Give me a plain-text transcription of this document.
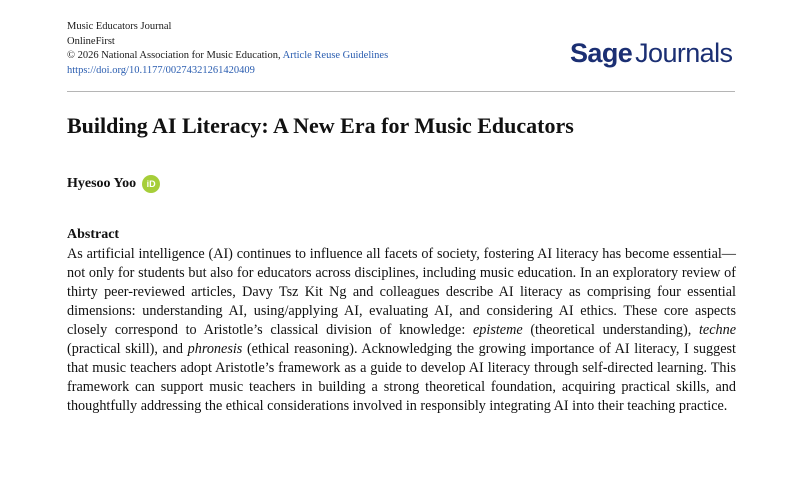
Music Educators Journal
OnlineFirst
© 2026 National Association for Music Education, Article Reuse Guidelines
https://doi.org/10.1177/00274321261420409
Sage Journals
Building AI Literacy: A New Era for Music Educators
Hyesoo Yoo	iD
Abstract
As artificial intelligence (AI) continues to influence all facets of society, fostering AI literacy has become essential—not only for students but also for educators across disciplines, including music education. In an exploratory review of thirty peer-reviewed articles, Davy Tsz Kit Ng and colleagues describe AI literacy as comprising four essential dimensions: understanding AI, using/applying AI, evaluating AI, and considering AI ethics. These core aspects closely correspond to Aristotle’s classical division of knowledge: episteme (theoretical understanding), techne (practical skill), and phronesis (ethical reasoning). Acknowledging the growing importance of AI literacy, I suggest that music teachers adopt Aristotle’s framework as a guide to develop AI literacy through self-directed learning. This framework can support music teachers in building a strong theoretical foundation, acquiring practical skills, and thoughtfully addressing the ethical considerations involved in responsibly integrating AI into their teaching practice.
